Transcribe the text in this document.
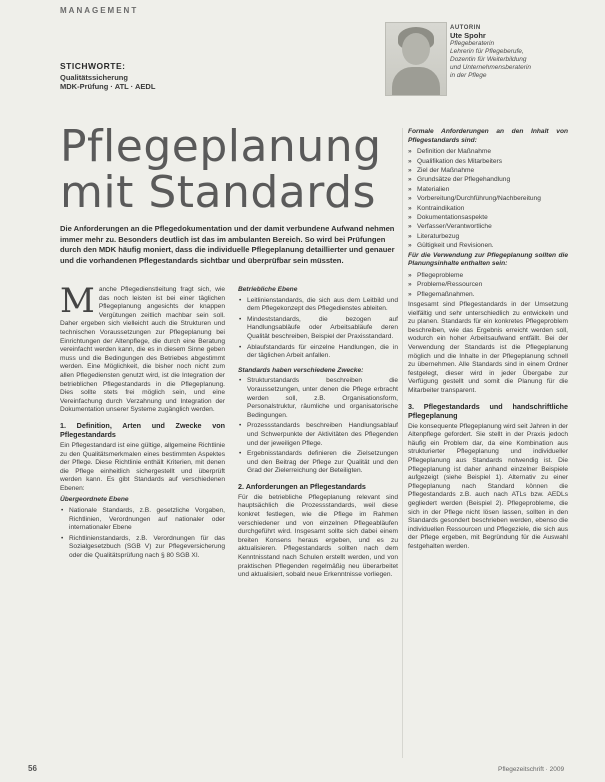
MANAGEMENT
STICHWORTE:
Qualitätssicherung
MDK-Prüfung · ATL · AEDL
AUTORIN
Ute Spohr
Pflegeberaterin
Lehrerin für Pflegeberufe,
Dozentin für Weiterbildung
und Unternehmensberaterin
in der Pflege
Pflegeplanung
mit Standards
Die Anforderungen an die Pflegedokumentation und der damit verbundene Aufwand nehmen immer mehr zu. Besonders deutlich ist das im ambulanten Bereich. So wird bei Prüfungen durch den MDK häufig moniert, dass die individuelle Pflegeplanung detaillierter und genauer und die vorhandenen Pflegestandards sichtbar und überprüfbar sein müssten.

Manche Pflegedienstleitung fragt sich, wie das noch leisten ist bei einer täglichen Pflegeplanung angesichts der knappen Vergütungen zeitlich machbar sein soll. Daher ergeben sich vielleicht auch die Strukturen und technischen Voraussetzungen zur Pflegeplanung bei Einrichtungen der Altenpflege, die durch eine Beratung vereinfacht werden kann, die es in diesem Sinne geben muss und die Bedingungen des Betriebes abgestimmt werden. Eine Möglichkeit, die bisher noch nicht zum allen Pflegediensten genutzt wird, ist die Integration der betrieblichen Pflegestandards in die Pflegeplanung. Dies sollte stets frei möglich sein, und eine Vereinfachung durch Verzahnung und Integration der Dokumentation unserer Systeme zugänglich werden.

1. Definition, Arten und Zwecke von Pflegestandards

Ein Pflegestandard ist eine gültige, allgemeine Richtlinie zu den Qualitätsmerkmalen eines bestimmten Aspektes der Pflege. Diese Richtlinie enthält Kriterien, mit denen die Pflege einheitlich sichergestellt und überprüft werden kann. Es gibt Standards auf verschiedenen Ebenen:

Übergeordnete Ebene
• Nationale Standards, z.B. gesetzliche Vorgaben, Richtlinien, Verordnungen auf nationaler oder internationaler Ebene
• Richtlinienstandards, z.B. Verordnungen für das Sozialgesetzbuch (SGB V) zur Pflegeversicherung oder die Qualitätsprüfung nach § 80 SGB XI.
Betriebliche Ebene
• Leitlinienstandards, die sich aus dem Leitbild und dem Pflegekonzept des Pflegedienstes ableiten.
• Mindeststandards, die bezogen auf Handlungsabläufe oder Arbeitsabläufe deren Qualität beschreiben, Beispiel der Praxisstandard.
• Ablaufstandards für einzelne Handlungen, die in der täglichen Arbeit anfallen.
Standards haben verschiedene Zwecke:
• Strukturstandards beschreiben die Voraussetzungen, unter denen die Pflege erbracht werden soll, z.B. Organisationsform, Personalstruktur, räumliche und organisatorische Bedingungen.
• Prozessstandards beschreiben Handlungsablauf und Schwerpunkte der Aktivitäten des Pflegenden und der jeweiligen Pflege.
• Ergebnisstandards definieren die Zielsetzungen und den Beitrag der Pflege zur Qualität und den Grad der Zielerreichung der Beteiligten.
2. Anforderungen an Pflegestandards

Für die betriebliche Pflegeplanung relevant sind hauptsächlich die Prozessstandards, weil diese konkret festlegen, wie die Pflege im Rahmen verschiedener und von einzelnen Pflegeabläufen durchgeführt wird. Insgesamt sollte sich dabei einem breiten Konsens heraus ergeben, und es zu aktualisieren. Pflegestandards sollten nach dem Kenntnisstand nach Schulen erstellt werden, und von praktischen Pflegenden regelmäßig neu überarbeitet und aktualisiert, sobald neue Erkenntnisse vorliegen.

Formale Anforderungen an den Inhalt von Pflegestandards sind:
» Definition der Maßnahme
» Qualifikation des Mitarbeiters
» Ziel der Maßnahme
» Grundsätze der Pflegehandlung
» Materialien
» Vorbereitung/Durchführung/Nachbereitung
» Kontraindikation
» Dokumentationsaspekte
» Verfasser/Verantwortliche
» Literaturbezug
» Gültigkeit und Revisionen.
Für die Verwendung zur Pflegeplanung sollten die Planungsinhalte enthalten sein:
» Pflegeprobleme
» Probleme/Ressourcen
» Pflegemaßnahmen.

Insgesamt sind Pflegestandards in der Umsetzung vielfältig und sehr unterschiedlich zu entwickeln und zu planen. Standards für ein konkretes Pflegeproblem beschreiben, wie das Ergebnis erreicht werden soll, wodurch ein hoher Arbeitsaufwand entfällt. Bei der Verwendung der Standards ist die Pflegeplanung möglich und die Inhalte in der Pflegeplanung schnell zu übernehmen. Alle Standards sind in einem Ordner festgelegt, dieser wird in jeder Übergabe zur Verfügung gestellt und somit die Planung für die Mitarbeiter transparent.

3. Pflegestandards und handschriftliche Pflegeplanung

Die konsequente Pflegeplanung wird seit Jahren in der Altenpflege gefordert. Sie stellt in der Praxis jedoch häufig ein Problem dar, da eine Kombination aus strukturierter Pflegeplanung und individueller Pflegeplanung aus Standards notwendig ist. Die Pflegeplanung ist daher anhand einzelner Beispiele aufgezeigt (siehe Beispiel 1). Alternativ zu einer Pflegeplanung nach Standard können die Pflegestandards z.B. auch nach ATLs bzw. AEDLs gegliedert werden (Beispiel 2). Pflegeprobleme, die sich in der Pflege nicht lösen lassen, sollten in den Standards gesondert beschrieben werden, ebenso die individuellen Ressourcen und Pflegeziele, die sich aus der Pflege ergeben, mit Begründung für die Auswahl festgehalten werden.

56	Pflegezeitschrift · 2009
